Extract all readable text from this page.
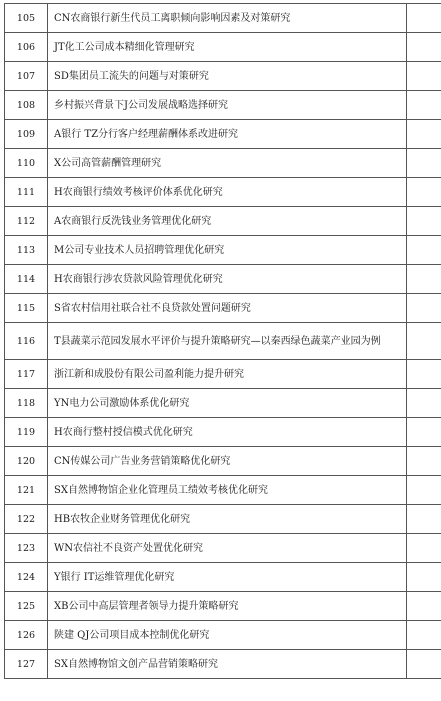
105	CN农商银行新生代员工离职倾向影响因素及对策研究	
106	JT化工公司成本精细化管理研究	
107	SD集团员工流失的问题与对策研究	
108	乡村振兴背景下J公司发展战略选择研究	
109	A银行 TZ分行客户经理薪酬体系改进研究	
110	X公司高管薪酬管理研究	
111	H农商银行绩效考核评价体系优化研究	
112	A农商银行反洗钱业务管理优化研究	
113	M公司专业技术人员招聘管理优化研究	
114	H农商银行涉农贷款风险管理优化研究	
115	S省农村信用社联合社不良贷款处置问题研究	
116	T县蔬菜示范园发展水平评价与提升策略研究—以秦西绿色蔬菜产业园为例	
117	浙江新和成股份有限公司盈利能力提升研究	
118	YN电力公司激励体系优化研究	
119	H农商行整村授信模式优化研究	
120	CN传媒公司广告业务营销策略优化研究	
121	SX自然博物馆企业化管理员工绩效考核优化研究	
122	HB农牧企业财务管理优化研究	
123	WN农信社不良资产处置优化研究	
124	Y银行 IT运维管理优化研究	
125	XB公司中高层管理者领导力提升策略研究	
126	陕建 QJ公司项目成本控制优化研究	
127	SX自然博物馆文创产品营销策略研究	
